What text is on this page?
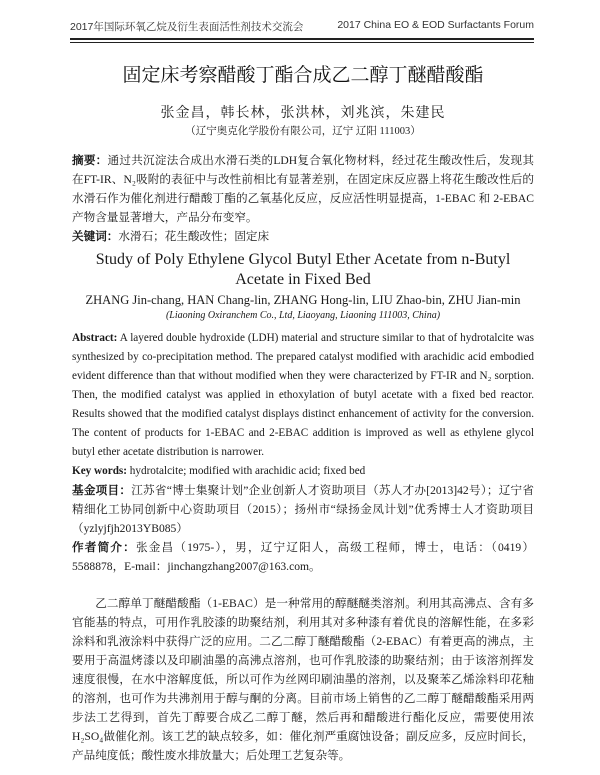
2017年国际环氧乙烷及衍生表面活性剂技术交流会	2017 China EO & EOD Surfactants Forum
固定床考察醋酸丁酯合成乙二醇丁醚醋酸酯
张金昌，韩长林，张洪林，刘兆滨，朱建民
（辽宁奥克化学股份有限公司，辽宁 辽阳 111003）
摘要：通过共沉淀法合成出水滑石类的LDH复合氧化物材料，经过花生酸改性后，发现其在FT-IR、N₂吸附的表征中与改性前相比有显著差别，在固定床反应器上将花生酸改性后的水滑石作为催化剂进行醋酸丁酯的乙氧基化反应，反应活性明显提高，1-EBAC 和 2-EBAC 产物含量显著增大，产品分布变窄。
关键词：水滑石；花生酸改性；固定床
Study of Poly Ethylene Glycol Butyl Ether Acetate from n-Butyl Acetate in Fixed Bed
ZHANG Jin-chang, HAN Chang-lin, ZHANG Hong-lin, LIU Zhao-bin, ZHU Jian-min
(Liaoning Oxiranchem Co., Ltd, Liaoyang, Liaoning 111003, China)
Abstract: A layered double hydroxide (LDH) material and structure similar to that of hydrotalcite was synthesized by co-precipitation method. The prepared catalyst modified with arachidic acid embodied evident difference than that without modified when they were characterized by FT-IR and N₂ sorption. Then, the modified catalyst was applied in ethoxylation of butyl acetate with a fixed bed reactor. Results showed that the modified catalyst displays distinct enhancement of activity for the conversion. The content of products for 1-EBAC and 2-EBAC addition is improved as well as ethylene glycol butyl ether acetate distribution is narrower.
Key words: hydrotalcite; modified with arachidic acid; fixed bed
基金项目：江苏省“博士集聚计划”企业创新人才资助项目（苏人才办[2013]42号）；辽宁省精细化工协同创新中心资助项目（2015）；扬州市“绿扬金凤计划”优秀博士人才资助项目（yzlyjfjh2013YB085）
作者简介：张金昌（1975-），男，辽宁辽阳人，高级工程师，博士，电话：（0419）5588878，E-mail：jinchangzhang2007@163.com。
乙二醇单丁醚醋酸酯（1-EBAC）是一种常用的醇醚醚类溶剂。利用其高沸点、含有多官能基的特点，可用作乳胶漆的助聚结剂，利用其对多种漆有着优良的溶解性能，在多彩涂料和乳液涂料中获得广泛的应用。二乙二醇丁醚醋酸酯（2-EBAC）有着更高的沸点，主要用于高温烤漆以及印刷油墨的高沸点溶剂，也可作乳胶漆的助聚结剂；由于该溶剂挥发速度很慢，在水中溶解度低，所以可作为丝网印刷油墨的溶剂，以及聚苯乙烯涂料印花釉的溶剂，也可作为共沸剂用于醇与酮的分离。目前市场上销售的乙二醇丁醚醋酸酯采用两步法工艺得到，首先丁醇要合成乙二醇丁醚，然后再和醋酸进行酯化反应，需要使用浓H₂SO₄做催化剂。该工艺的缺点较多，如：催化剂严重腐蚀设备；副反应多，反应时间长，产品纯度低；酸性废水排放量大；后处理工艺复杂等。
